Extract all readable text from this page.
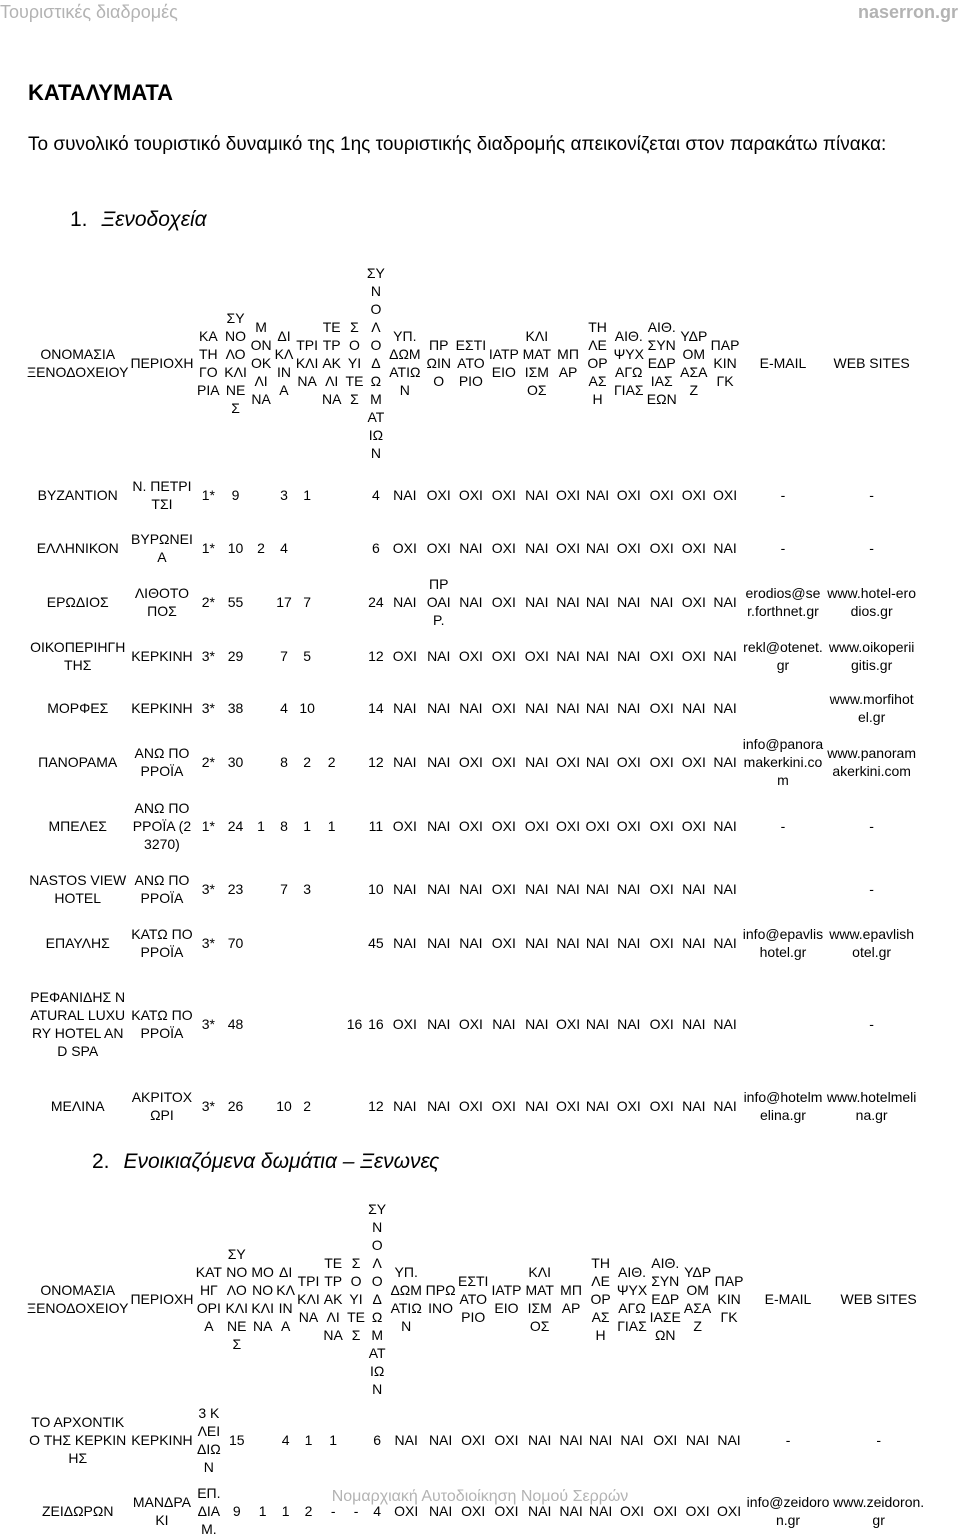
Τουριστικές διαδρομές	naserron.gr
ΚΑΤΑΛΥΜΑΤΑ

Το συνολικό τουριστικό δυναμικό της 1ης τουριστικής διαδρομής απεικονίζεται στον παρακάτω πίνακα:

1. Ξενοδοχεία
ΟΝΟΜΑΣΙΑ ΞΕΝΟΔΟΧΕΙΟΥ	ΠΕΡΙΟΧΗ	ΚΑΤΗΓΟΡΙΑ	ΣΥΝΟΛΟ ΚΛΙΝΕΣ	ΜΟΝΟΚΛΙΝΑ	ΔΙΚΛΙΝΑ	ΤΡΙΚΛΙΝΑ	ΤΕΤΡΑΚΛΙΝΑ	ΣΟΥΙΤΕΣ	ΣΥΝΟΛΟ ΔΩΜΑΤΙΩΝ	ΥΠ. ΔΩΜΑΤΙΩΝ	ΠΡΩΙΝΟ	ΕΣΤΙΑΤΟΡΙΟ	ΙΑΤΡΕΙΟ	ΚΛΙΜΑΤΙΣΜΟΣ	ΜΠΑΡ	ΤΗΛΕΟΡΑΣΗ	ΑΙΘ. ΨΥΧΑΓΩΓΙΑΣ	ΑΙΘ. ΣΥΝΕΔΡΙΑΣΕΩΝ	ΥΔΡΟΜΑΣΑΖ	ΠΑΡΚΙΝΓΚ	E-MAIL	WEB SITES
ΒΥΖΑΝΤΙΟΝ	Ν. ΠΕΤΡΙΤΣΙ	1*	9		3	1			4	ΝΑΙ	ΟΧΙ	ΟΧΙ	ΟΧΙ	ΝΑΙ	ΟΧΙ	ΝΑΙ	ΟΧΙ	ΟΧΙ	ΟΧΙ	ΟΧΙ	-	-
ΕΛΛΗΝΙΚΟΝ	ΒΥΡΩΝΕΙΑ	1*	10	2	4				6	ΟΧΙ	ΟΧΙ	ΝΑΙ	ΟΧΙ	ΝΑΙ	ΟΧΙ	ΝΑΙ	ΟΧΙ	ΟΧΙ	ΟΧΙ	ΝΑΙ	-	-
ΕΡΩΔΙΟΣ	ΛΙΘΟΤΟΠΟΣ	2*	55		17	7			24	ΝΑΙ	ΠΡΟΑΙΡ.	ΝΑΙ	ΟΧΙ	ΝΑΙ	ΝΑΙ	ΝΑΙ	ΝΑΙ	ΝΑΙ	ΟΧΙ	ΝΑΙ	erodios@ser.forthnet.gr	www.hotel-erodios.gr
ΟΙΚΟΠΕΡΙΗΓΗΤΗΣ	ΚΕΡΚΙΝΗ	3*	29		7	5			12	ΟΧΙ	ΝΑΙ	ΟΧΙ	ΟΧΙ	ΟΧΙ	ΝΑΙ	ΝΑΙ	ΝΑΙ	ΟΧΙ	ΟΧΙ	ΝΑΙ	rekl@otenet.gr	www.oikoperiigitis.gr
ΜΟΡΦΕΣ	ΚΕΡΚΙΝΗ	3*	38		4	10			14	ΝΑΙ	ΝΑΙ	ΝΑΙ	ΟΧΙ	ΝΑΙ	ΝΑΙ	ΝΑΙ	ΝΑΙ	ΟΧΙ	ΝΑΙ	ΝΑΙ		www.morfihotel.gr
ΠΑΝΟΡΑΜΑ	ΑΝΩ ΠΟΡΡΟΪΑ	2*	30		8	2	2		12	ΝΑΙ	ΝΑΙ	ΟΧΙ	ΟΧΙ	ΝΑΙ	ΟΧΙ	ΝΑΙ	ΟΧΙ	ΟΧΙ	ΟΧΙ	ΝΑΙ	info@panoramakerkini.com	www.panoramakerkini.com
ΜΠΕΛΕΣ	ΑΝΩ ΠΟΡΡΟΪΑ (23270)	1*	24	1	8	1	1		11	ΟΧΙ	ΝΑΙ	ΟΧΙ	ΟΧΙ	ΟΧΙ	ΟΧΙ	ΟΧΙ	ΟΧΙ	ΟΧΙ	ΟΧΙ	ΝΑΙ	-	-
NASTOS VIEW HOTEL	ΑΝΩ ΠΟΡΡΟΪΑ	3*	23		7	3			10	ΝΑΙ	ΝΑΙ	ΝΑΙ	ΟΧΙ	ΝΑΙ	ΝΑΙ	ΝΑΙ	ΝΑΙ	ΟΧΙ	ΝΑΙ	ΝΑΙ		-
ΕΠΑΥΛΗΣ	ΚΑΤΩ ΠΟΡΡΟΪΑ	3*	70						45	ΝΑΙ	ΝΑΙ	ΝΑΙ	ΟΧΙ	ΝΑΙ	ΝΑΙ	ΝΑΙ	ΝΑΙ	ΟΧΙ	ΝΑΙ	ΝΑΙ	info@epavlishotel.gr	www.epavlishotel.gr
ΡΕΦΑΝΙΔΗΣ NATURAL LUXURY HOTEL AND SPA	ΚΑΤΩ ΠΟΡΡΟΪΑ	3*	48					16	16	ΟΧΙ	ΝΑΙ	ΟΧΙ	ΝΑΙ	ΝΑΙ	ΟΧΙ	ΝΑΙ	ΝΑΙ	ΟΧΙ	ΝΑΙ	ΝΑΙ		-
ΜΕΛΙΝΑ	ΑΚΡΙΤΟΧΩΡΙ	3*	26		10	2			12	ΝΑΙ	ΝΑΙ	ΟΧΙ	ΟΧΙ	ΝΑΙ	ΟΧΙ	ΝΑΙ	ΟΧΙ	ΟΧΙ	ΝΑΙ	ΝΑΙ	info@hotelmelina.gr	www.hotelmelina.gr
2. Ενοικιαζόμενα δωμάτια – Ξενωνες
ΟΝΟΜΑΣΙΑ ΞΕΝΟΔΟΧΕΙΟΥ	ΠΕΡΙΟΧΗ	ΚΑΤΗΓΟΡΙΑ	ΣΥΝΟΛΟ ΚΛΙΝΕΣ	ΜΟΝΟΚΛΙΝΑ	ΔΙΚΛΙΝΑ	ΤΡΙΚΛΙΝΑ	ΤΕΤΡΑΚΛΙΝΑ	ΣΟΥΙΤΕΣ	ΣΥΝΟΛΟ ΔΩΜΑΤΙΩΝ	ΥΠ. ΔΩΜΑΤΙΩΝ	ΠΡΩΙΝΟ	ΕΣΤΙΑΤΟΡΙΟ	ΙΑΤΡΕΙΟ	ΚΛΙΜΑΤΙΣΜΟΣ	ΜΠΑΡ	ΤΗΛΕΟΡΑΣΗ	ΑΙΘ. ΨΥΧΑΓΩΓΙΑΣ	ΑΙΘ. ΣΥΝΕΔΡΙΑΣΕΩΝ	ΥΔΡΟΜΑΣΑΖ	ΠΑΡΚΙΝΓΚ	E-MAIL	WEB SITES
ΤΟ ΑΡΧΟΝΤΙΚΟ ΤΗΣ ΚΕΡΚΙΝΗΣ	ΚΕΡΚΙΝΗ	3 ΚΛΕΙΔΙΩΝ	15		4	1	1		6	ΝΑΙ	ΝΑΙ	ΟΧΙ	ΟΧΙ	ΝΑΙ	ΝΑΙ	ΝΑΙ	ΝΑΙ	ΟΧΙ	ΝΑΙ	ΝΑΙ	-	-
ΖΕΙΔΩΡΩΝ	ΜΑΝΔΡΑΚΙ	ΕΠ. ΔΙΑΜ.	9	1	1	2	-	-	4	ΟΧΙ	ΝΑΙ	ΟΧΙ	ΟΧΙ	ΝΑΙ	ΝΑΙ	ΝΑΙ	ΟΧΙ	ΟΧΙ	ΟΧΙ	ΟΧΙ	info@zeidoron.gr	www.zeidoron.gr
Νομαρχιακή Αυτοδιοίκηση Νομού Σερρών
